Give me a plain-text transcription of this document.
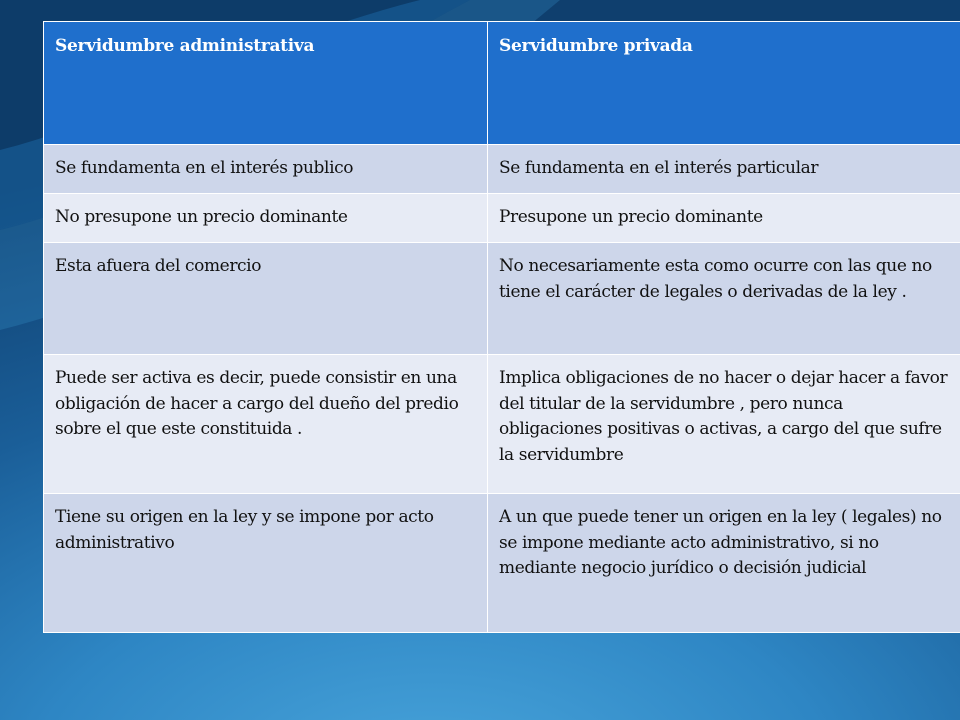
Servidumbre administrativa	Servidumbre privada
Se fundamenta en el interés publico	Se fundamenta en el interés particular
No presupone un precio dominante	Presupone un precio dominante
Esta afuera del comercio	No necesariamente esta como ocurre con las que no tiene el carácter de legales o derivadas de la ley .
Puede ser activa es decir, puede consistir en una obligación de hacer a cargo del dueño del predio sobre el que este constituida .	Implica obligaciones de no hacer o dejar hacer a favor del titular de la servidumbre , pero nunca obligaciones positivas o activas, a cargo del que sufre la servidumbre
Tiene su origen en la ley y se impone por acto administrativo	A un que puede tener un origen en la ley ( legales) no se impone mediante acto administrativo, si no mediante negocio jurídico o decisión judicial
